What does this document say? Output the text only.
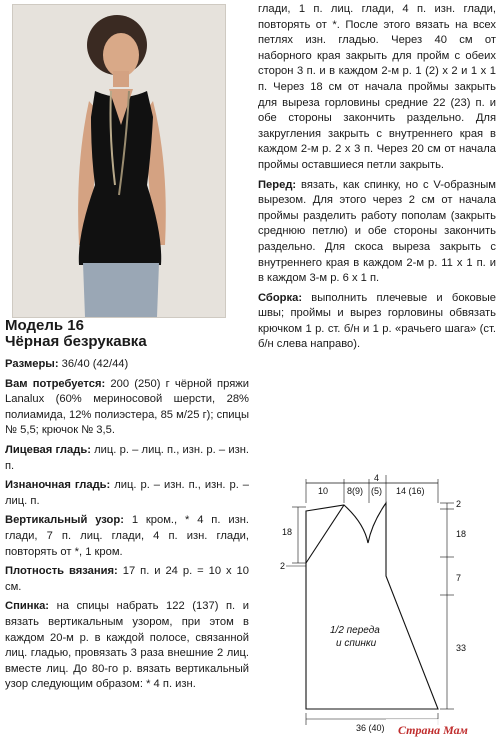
глади, 1 п. лиц. глади, 4 п. изн. глади, повторять от *. После этого вязать на всех петлях изн. гладью. Через 40 см от наборного края закрыть для пройм с обеих сторон 3 п. и в каждом 2-м р. 1 (2) х 2 и 1 х 1 п. Через 18 см от начала проймы закрыть для выреза горловины средние 22 (23) п. и обе стороны закончить раздельно. Для закругления закрыть с внутреннего края в каждом 2-м р. 2 х 3 п. Через 20 см от начала проймы оставшиеся петли закрыть.

Перед: вязать, как спинку, но с V-образным вырезом. Для этого через 2 см от начала проймы разделить работу пополам (закрыть среднюю петлю) и обе стороны закончить раздельно. Для скоса выреза закрыть с внутреннего края в каждом 2-м р. 11 х 1 п. и в каждом 3-м р. 6 х 1 п.

Сборка: выполнить плечевые и боковые швы; проймы и вырез горловины обвязать крючком 1 р. ст. б/н и 1 р. «рачьего шага» (ст. б/н слева направо).

Модель 16

Чёрная безрукавка

Размеры: 36/40 (42/44)

Вам потребуется: 200 (250) г чёрной пряжи Lanalux (60% мериносовой шерсти, 28% полиамида, 12% полиэстера, 85 м/25 г); спицы № 5,5; крючок № 3,5.

Лицевая гладь: лиц. р. – лиц. п., изн. р. – изн. п.

Изнаночная гладь: лиц. р. – изн. п., изн. р. – лиц. п.

Вертикальный узор: 1 кром., * 4 п. изн. глади, 7 п. лиц. глади, 4 п. изн. глади, повторять от *, 1 кром.

Плотность вязания: 17 п. и 24 р. = 10 х 10 см.

Спинка: на спицы набрать 122 (137) п. и вязать вертикальным узором, при этом в каждом 20-м р. в каждой полосе, связанной лиц. гладью, провязать 3 раза внешние 2 лиц. вместе лиц. До 80-го р. вязать вертикальный узор следующим образом: * 4 п. изн.

10 8(9)
4
(5) 14 (16)
18
2
2
18
7
33
1/2 переда
и спинки
36 (40) Страна Мам
